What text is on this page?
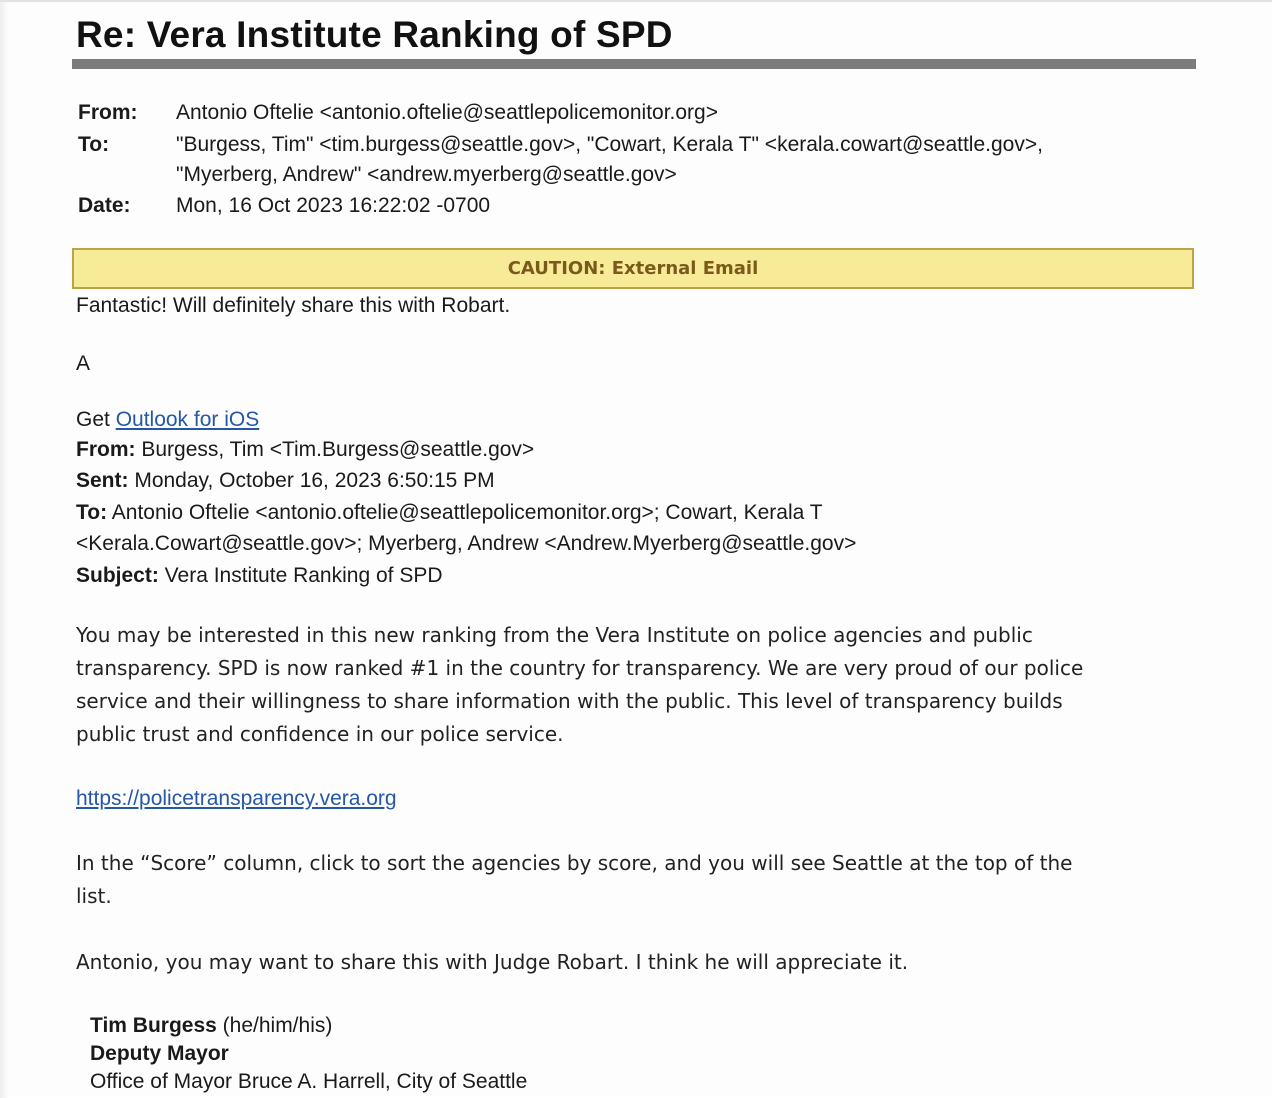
Re: Vera Institute Ranking of SPD
From:	Antonio Oftelie <antonio.oftelie@seattlepolicemonitor.org>
To:	"Burgess, Tim" <tim.burgess@seattle.gov>, "Cowart, Kerala T" <kerala.cowart@seattle.gov>,
"Myerberg, Andrew" <andrew.myerberg@seattle.gov>
Date:	Mon, 16 Oct 2023 16:22:02 -0700
CAUTION: External Email
Fantastic! Will definitely share this with Robart.
A
Get Outlook for iOS
From: Burgess, Tim <Tim.Burgess@seattle.gov>
Sent: Monday, October 16, 2023 6:50:15 PM
To: Antonio Oftelie <antonio.oftelie@seattlepolicemonitor.org>; Cowart, Kerala T
<Kerala.Cowart@seattle.gov>; Myerberg, Andrew <Andrew.Myerberg@seattle.gov>
Subject: Vera Institute Ranking of SPD
You may be interested in this new ranking from the Vera Institute on police agencies and public
transparency. SPD is now ranked #1 in the country for transparency. We are very proud of our police
service and their willingness to share information with the public. This level of transparency builds
public trust and confidence in our police service.
https://policetransparency.vera.org
In the “Score” column, click to sort the agencies by score, and you will see Seattle at the top of the
list.
Antonio, you may want to share this with Judge Robart. I think he will appreciate it.
Tim Burgess (he/him/his)
Deputy Mayor
Office of Mayor Bruce A. Harrell, City of Seattle
